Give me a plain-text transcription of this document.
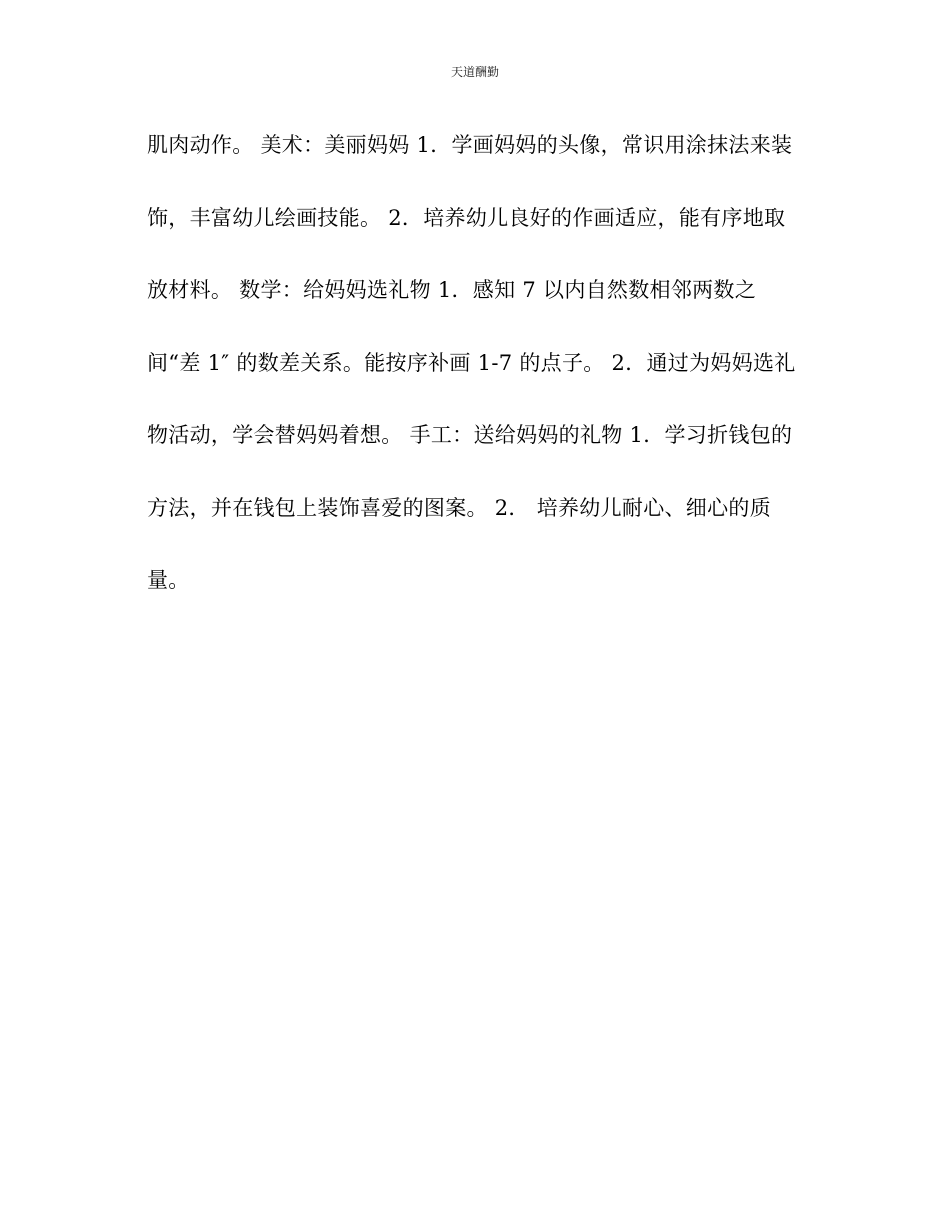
天道酬勤
肌肉动作。 美术：美丽妈妈 1．学画妈妈的头像，常识用涂抹法来装
饰，丰富幼儿绘画技能。 2．培养幼儿良好的作画适应，能有序地取
放材料。 数学：给妈妈选礼物 1．感知 7 以内自然数相邻两数之
间“差 1″ 的数差关系。能按序补画 1-7 的点子。 2．通过为妈妈选礼
物活动，学会替妈妈着想。 手工：送给妈妈的礼物 1．学习折钱包的
方法，并在钱包上装饰喜爱的图案。 2． 培养幼儿耐心、细心的质
量。
